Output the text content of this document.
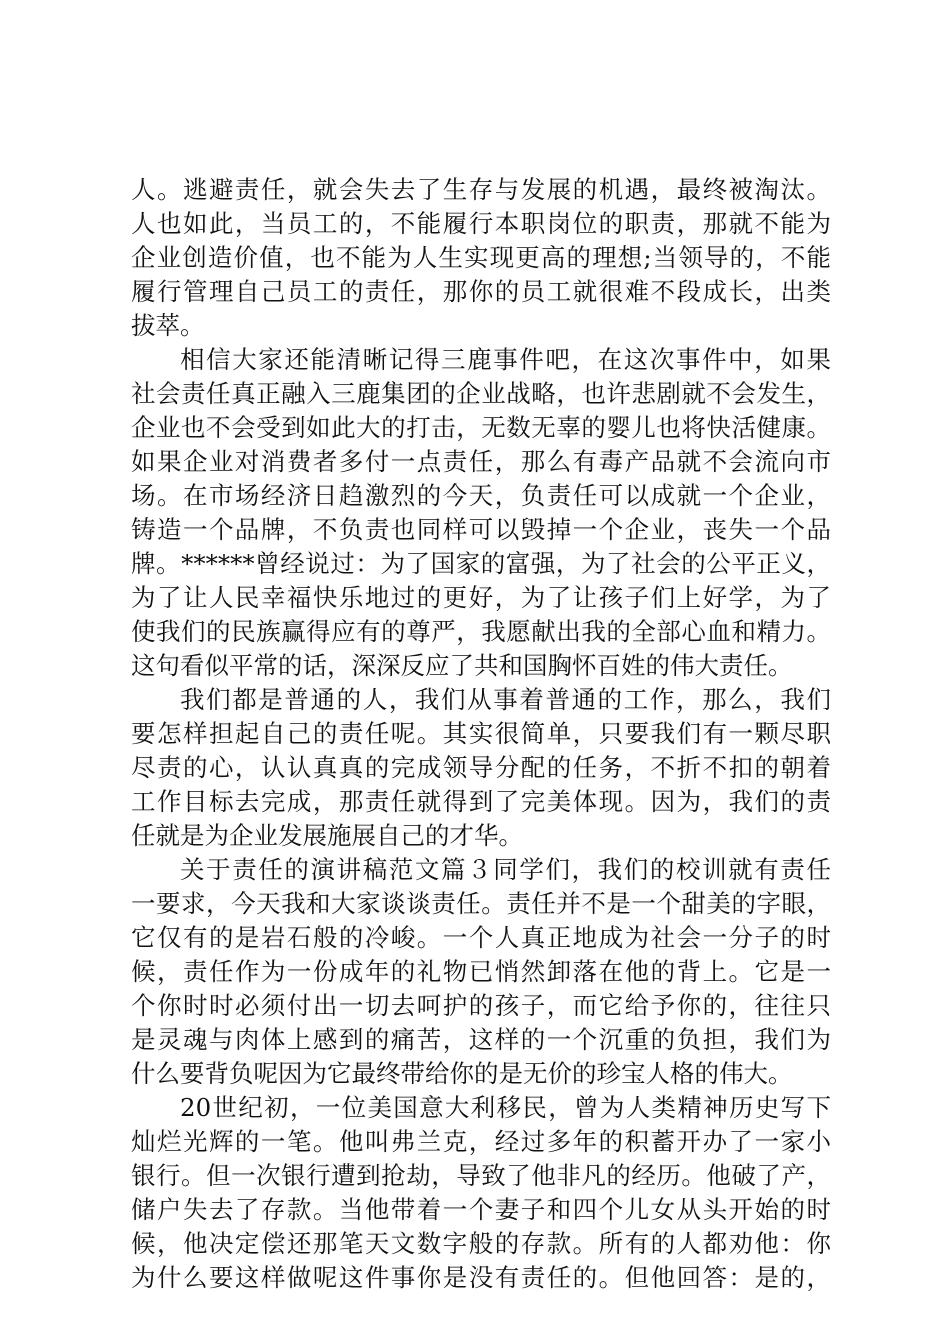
人。逃避责任，就会失去了生存与发展的机遇，最终被淘汰。
人也如此，当员工的，不能履行本职岗位的职责，那就不能为
企业创造价值，也不能为人生实现更高的理想;当领导的，不能
履行管理自己员工的责任，那你的员工就很难不段成长，出类
拔萃。
相信大家还能清晰记得三鹿事件吧，在这次事件中，如果
社会责任真正融入三鹿集团的企业战略，也许悲剧就不会发生，
企业也不会受到如此大的打击，无数无辜的婴儿也将快活健康。
如果企业对消费者多付一点责任，那么有毒产品就不会流向市
场。在市场经济日趋激烈的今天，负责任可以成就一个企业，
铸造一个品牌，不负责也同样可以毁掉一个企业，丧失一个品
牌。******曾经说过：为了国家的富强，为了社会的公平正义，
为了让人民幸福快乐地过的更好，为了让孩子们上好学，为了
使我们的民族赢得应有的尊严，我愿献出我的全部心血和精力。
这句看似平常的话，深深反应了共和国胸怀百姓的伟大责任。
我们都是普通的人，我们从事着普通的工作，那么，我们
要怎样担起自己的责任呢。其实很简单，只要我们有一颗尽职
尽责的心，认认真真的完成领导分配的任务，不折不扣的朝着
工作目标去完成，那责任就得到了完美体现。因为，我们的责
任就是为企业发展施展自己的才华。
关于责任的演讲稿范文篇３同学们，我们的校训就有责任
一要求，今天我和大家谈谈责任。责任并不是一个甜美的字眼，
它仅有的是岩石般的冷峻。一个人真正地成为社会一分子的时
候，责任作为一份成年的礼物已悄然卸落在他的背上。它是一
个你时时必须付出一切去呵护的孩子，而它给予你的，往往只
是灵魂与肉体上感到的痛苦，这样的一个沉重的负担，我们为
什么要背负呢因为它最终带给你的是无价的珍宝人格的伟大。
20世纪初，一位美国意大利移民，曾为人类精神历史写下
灿烂光辉的一笔。他叫弗兰克，经过多年的积蓄开办了一家小
银行。但一次银行遭到抢劫，导致了他非凡的经历。他破了产，
储户失去了存款。当他带着一个妻子和四个儿女从头开始的时
候，他决定偿还那笔天文数字般的存款。所有的人都劝他：你
为什么要这样做呢这件事你是没有责任的。但他回答：是的，
